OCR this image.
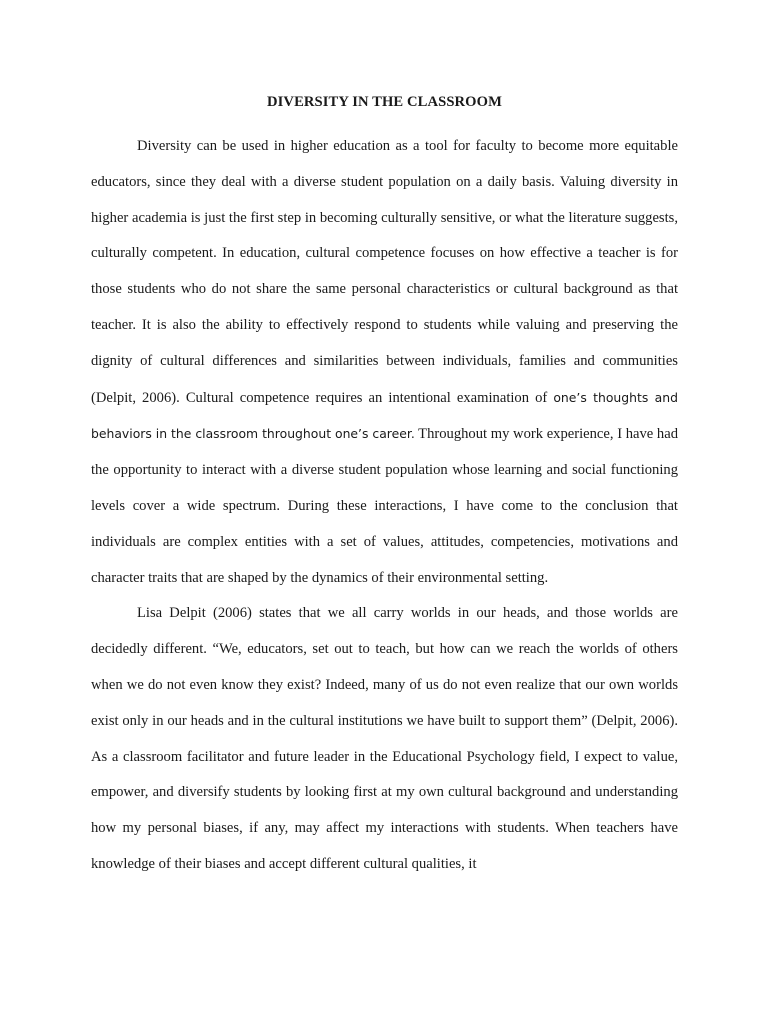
DIVERSITY IN THE CLASSROOM

Diversity can be used in higher education as a tool for faculty to become more equitable educators, since they deal with a diverse student population on a daily basis. Valuing diversity in higher academia is just the first step in becoming culturally sensitive, or what the literature suggests, culturally competent. In education, cultural competence focuses on how effective a teacher is for those students who do not share the same personal characteristics or cultural background as that teacher. It is also the ability to effectively respond to students while valuing and preserving the dignity of cultural differences and similarities between individuals, families and communities (Delpit, 2006). Cultural competence requires an intentional examination of one’s thoughts and behaviors in the classroom throughout one’s career. Throughout my work experience, I have had the opportunity to interact with a diverse student population whose learning and social functioning levels cover a wide spectrum. During these interactions, I have come to the conclusion that individuals are complex entities with a set of values, attitudes, competencies, motivations and character traits that are shaped by the dynamics of their environmental setting.

Lisa Delpit (2006) states that we all carry worlds in our heads, and those worlds are decidedly different. “We, educators, set out to teach, but how can we reach the worlds of others when we do not even know they exist? Indeed, many of us do not even realize that our own worlds exist only in our heads and in the cultural institutions we have built to support them” (Delpit, 2006). As a classroom facilitator and future leader in the Educational Psychology field, I expect to value, empower, and diversify students by looking first at my own cultural background and understanding how my personal biases, if any, may affect my interactions with students. When teachers have knowledge of their biases and accept different cultural qualities, it
